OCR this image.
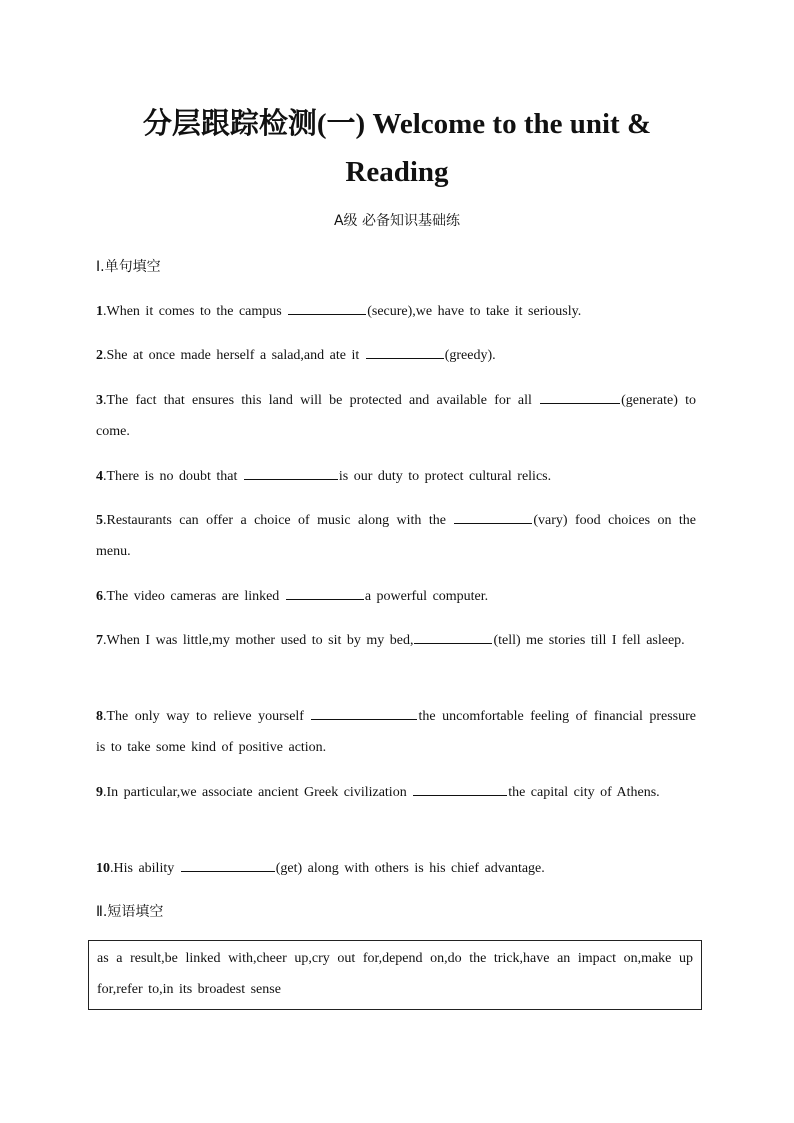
分层跟踪检测(一) Welcome to the unit & Reading
A级 必备知识基础练
Ⅰ.单句填空
1.When it comes to the campus	(secure),we have to take it seriously.
2.She at once made herself a salad,and ate it	(greedy).
3.The fact that ensures this land will be protected and available for all	(generate) to come.
4.There is no doubt that	is our duty to protect cultural relics.
5.Restaurants can offer a choice of music along with the	(vary) food choices on the menu.
6.The video cameras are linked	a powerful computer.
7.When I was little,my mother used to sit by my bed,	(tell) me stories till I fell asleep.
8.The only way to relieve yourself	the uncomfortable feeling of financial pressure is to take some kind of positive action.
9.In particular,we associate ancient Greek civilization	the capital city of Athens.
10.His ability	(get) along with others is his chief advantage.
Ⅱ.短语填空
as a result,be linked with,cheer up,cry out for,depend on,do the trick,have an impact on,make up for,refer to,in its broadest sense
